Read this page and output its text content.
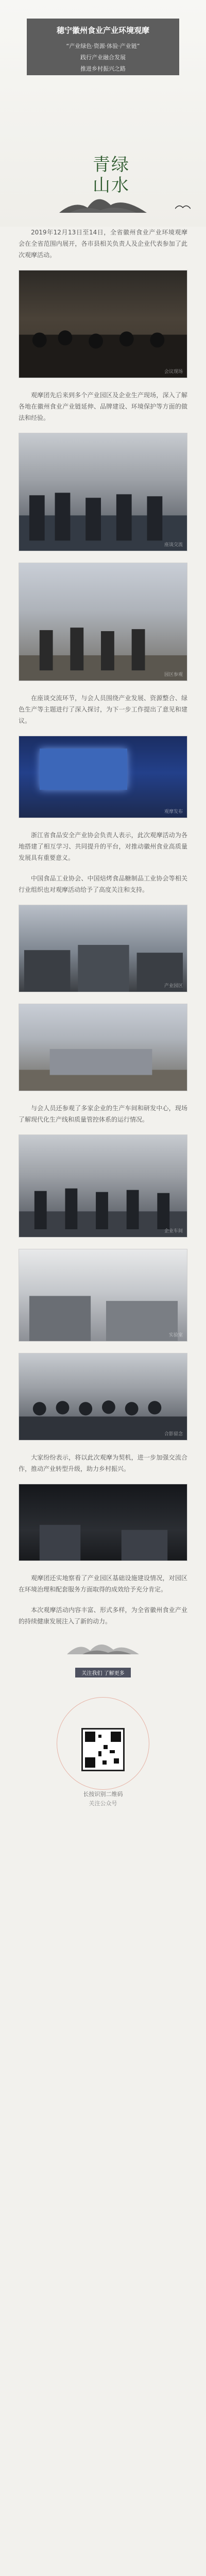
穂宁徽州食业产业环境观摩
“产业绿色·资源·体验·产业链”
践行产业融合发展
推进乡村振兴之路
青绿
山水

2019年12月13日至14日，全省徽州食业产业环境观摩会在全省范围内展开，各市县相关负责人及企业代表参加了此次观摩活动。

会议现场

观摩团先后来到多个产业园区及企业生产现场，深入了解各地在徽州食业产业链延伸、品牌建设、环境保护等方面的做法和经验。

座谈交流
园区参观

在座谈交流环节，与会人员围绕产业发展、资源整合、绿色生产等主题进行了深入探讨，为下一步工作提出了意见和建议。

观摩发布

浙江省食品安全产业协会负责人表示，此次观摩活动为各地搭建了相互学习、共同提升的平台，对推动徽州食业高质量发展具有重要意义。

中国食品工业协会、中国焙烤食品糖制品工业协会等相关行业组织也对观摩活动给予了高度关注和支持。

产业园区

与会人员还参观了多家企业的生产车间和研发中心，现场了解现代化生产线和质量管控体系的运行情况。

企业车间
实验室
合影留念

大家纷纷表示，将以此次观摩为契机，进一步加强交流合作，推动产业转型升级，助力乡村振兴。

观摩团还实地察看了产业园区基础设施建设情况，对园区在环境治理和配套服务方面取得的成效给予充分肯定。

本次观摩活动内容丰富、形式多样，为全省徽州食业产业的持续健康发展注入了新的动力。

关注我们 了解更多
长按识别二维码
关注公众号
